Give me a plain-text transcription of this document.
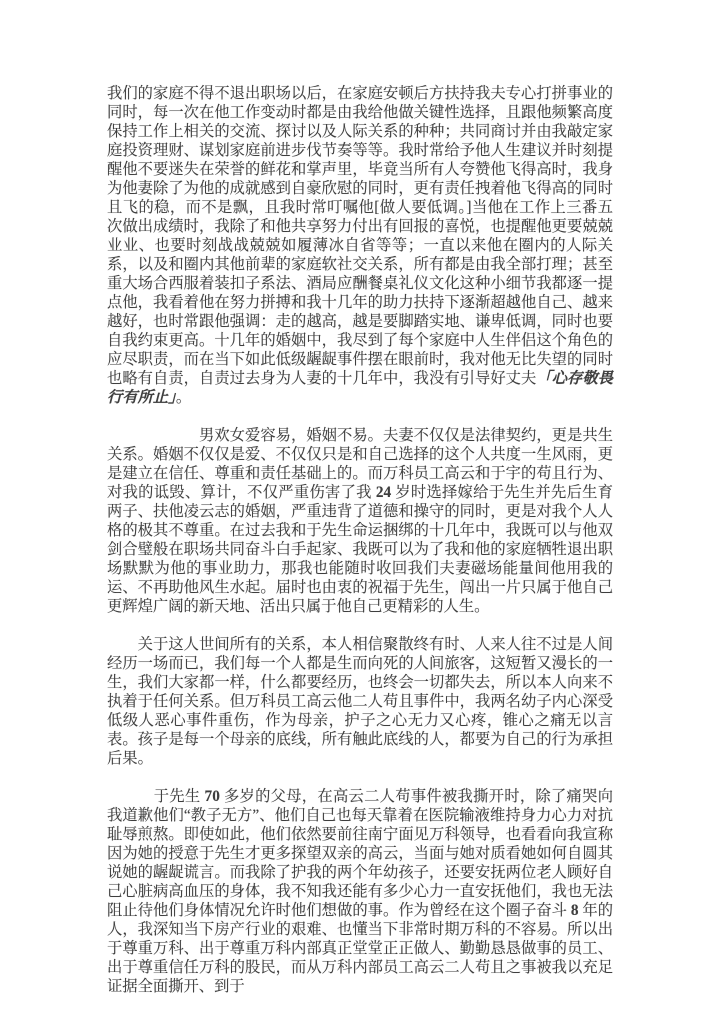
我们的家庭不得不退出职场以后，在家庭安顿后方扶持我夫专心打拼事业的同时，每一次在他工作变动时都是由我给他做关键性选择，且跟他频繁高度保持工作上相关的交流、探讨以及人际关系的种种；共同商讨并由我敲定家庭投资理财、谋划家庭前进步伐节奏等等。我时常给予他人生建议并时刻提醒他不要迷失在荣誉的鲜花和掌声里，毕竟当所有人夸赞他飞得高时，我身为他妻除了为他的成就感到自豪欣慰的同时，更有责任拽着他飞得高的同时且飞的稳，而不是飘，且我时常叮嘱他[做人要低调。]当他在工作上三番五次做出成绩时，我除了和他共享努力付出有回报的喜悦，也提醒他更要兢兢业业、也要时刻战战兢兢如履薄冰自省等等；一直以来他在圈内的人际关系，以及和圈内其他前辈的家庭软社交关系，所有都是由我全部打理；甚至重大场合西服着装扣子系法、酒局应酬餐桌礼仪文化这种小细节我都逐一提点他，我看着他在努力拼搏和我十几年的助力扶持下逐渐超越他自己、越来越好，也时常跟他强调：走的越高，越是要脚踏实地、谦卑低调，同时也要自我约束更高。十几年的婚姻中，我尽到了每个家庭中人生伴侣这个角色的应尽职责，而在当下如此低级龌龊事件摆在眼前时，我对他无比失望的同时也略有自责，自责过去身为人妻的十几年中，我没有引导好丈夫「心存敬畏 行有所止」。

　　　　　　男欢女爱容易，婚姻不易。夫妻不仅仅是法律契约，更是共生关系。婚姻不仅仅是爱、不仅仅只是和自己选择的这个人共度一生风雨，更是建立在信任、尊重和责任基础上的。而万科员工高云和于宇的苟且行为、对我的诋毁、算计，不仅严重伤害了我 24 岁时选择嫁给于先生并先后生育两子、扶他凌云志的婚姻，严重违背了道德和操守的同时，更是对我个人人格的极其不尊重。在过去我和于先生命运捆绑的十几年中，我既可以与他双剑合璧般在职场共同奋斗白手起家、我既可以为了我和他的家庭牺牲退出职场默默为他的事业助力，那我也能随时收回我们夫妻磁场能量间他用我的运、不再助他风生水起。届时也由衷的祝福于先生，闯出一片只属于他自己更辉煌广阔的新天地、活出只属于他自己更精彩的人生。

　　关于这人世间所有的关系，本人相信聚散终有时、人来人往不过是人间经历一场而已，我们每一个人都是生而向死的人间旅客，这短暂又漫长的一生，我们大家都一样，什么都要经历，也终会一切都失去，所以本人向来不执着于任何关系。但万科员工高云他二人苟且事件中，我两名幼子内心深受低级人恶心事件重伤，作为母亲，护子之心无力又心疼，锥心之痛无以言表。孩子是每一个母亲的底线，所有触此底线的人，都要为自己的行为承担后果。

　　　于先生 70 多岁的父母，在高云二人苟事件被我撕开时，除了痛哭向我道歉他们“教子无方”、他们自己也每天靠着在医院输液维持身力心力对抗耻辱煎熬。即使如此，他们依然要前往南宁面见万科领导，也看看向我宣称因为她的授意于先生才更多探望双亲的高云，当面与她对质看她如何自圆其说她的龌龊谎言。而我除了护我的两个年幼孩子，还要安抚两位老人顾好自己心脏病高血压的身体，我不知我还能有多少心力一直安抚他们，我也无法阻止待他们身体情况允许时他们想做的事。作为曾经在这个圈子奋斗 8 年的人，我深知当下房产行业的艰难、也懂当下非常时期万科的不容易。所以出于尊重万科、出于尊重万科内部真正堂堂正正做人、勤勤恳恳做事的员工、出于尊重信任万科的股民，而从万科内部员工高云二人苟且之事被我以充足证据全面撕开、到于
